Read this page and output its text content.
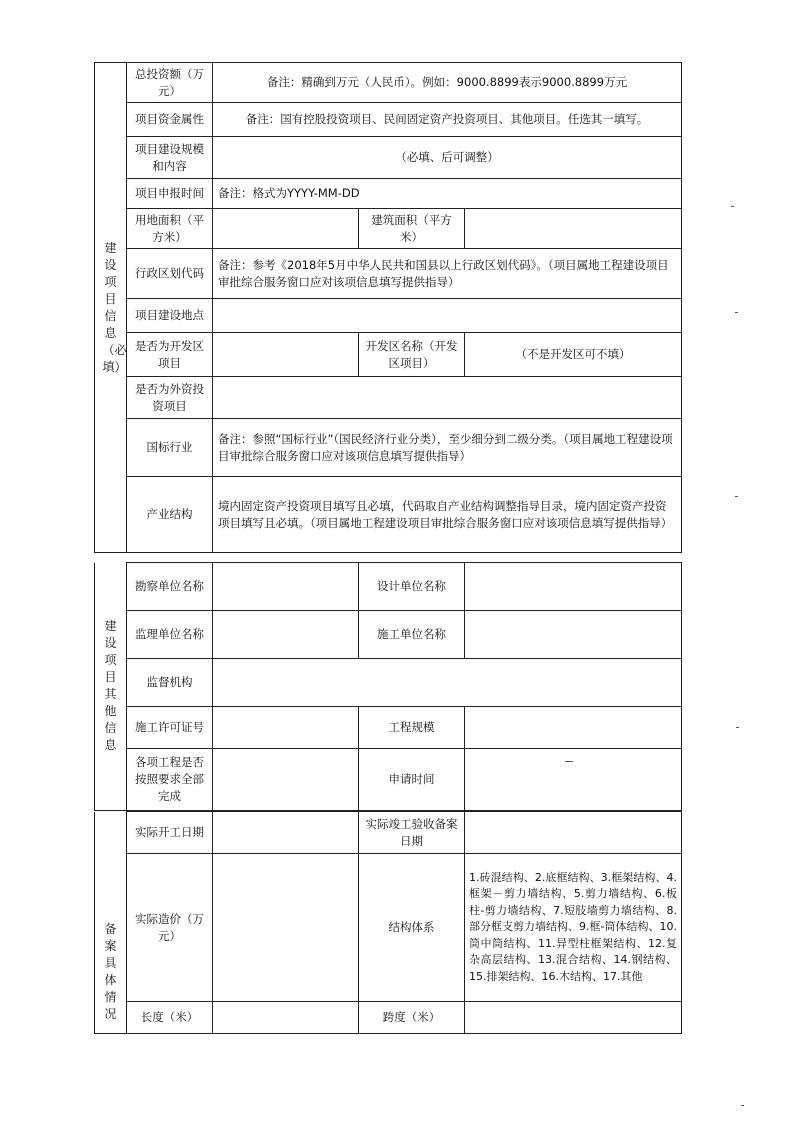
建设项目信息（必填）	总投资额（万元）	备注：精确到万元（人民币）。例如：9000.8899表示9000.8899万元		
	项目资金属性	备注：国有控股投资项目、民间固定资产投资项目、其他项目。任选其一填写。		
	项目建设规模和内容	（必填、后可调整）		
	项目申报时间	备注：格式为YYYY-MM-DD		
	用地面积（平方米）		建筑面积（平方米）	
	行政区划代码	备注：参考《2018年5月中华人民共和国县以上行政区划代码》。（项目属地工程建设项目审批综合服务窗口应对该项信息填写提供指导）		
	项目建设地点			
	是否为开发区项目		开发区名称（开发区项目）	（不是开发区可不填）
	是否为外资投资项目			
	国标行业	备注：参照“国标行业”（国民经济行业分类），至少细分到二级分类。（项目属地工程建设项目审批综合服务窗口应对该项信息填写提供指导）		
	产业结构	境内固定资产投资项目填写且必填，代码取自产业结构调整指导目录，境内固定资产投资项目填写且必填。（项目属地工程建设项目审批综合服务窗口应对该项信息填写提供指导）		
建设项目其他信息	勘察单位名称		设计单位名称	
	监理单位名称		施工单位名称	
	监督机构			
	施工许可证号		工程规模	
	各项工程是否按照要求全部完成		申请时间	
备案具体情况	实际开工日期		实际竣工验收备案日期	
	实际造价（万元）		结构体系	1.砖混结构、2.底框结构、3.框架结构、4.框架－剪力墙结构、5.剪力墙结构、6.板柱-剪力墙结构、7.短肢墙剪力墙结构、8.部分框支剪力墙结构、9.框-筒体结构、10.筒中筒结构、11.异型柱框架结构、12.复杂高层结构、13.混合结构、14.钢结构、15.排架结构、16.木结构、17.其他
	长度（米）		跨度（米）	
